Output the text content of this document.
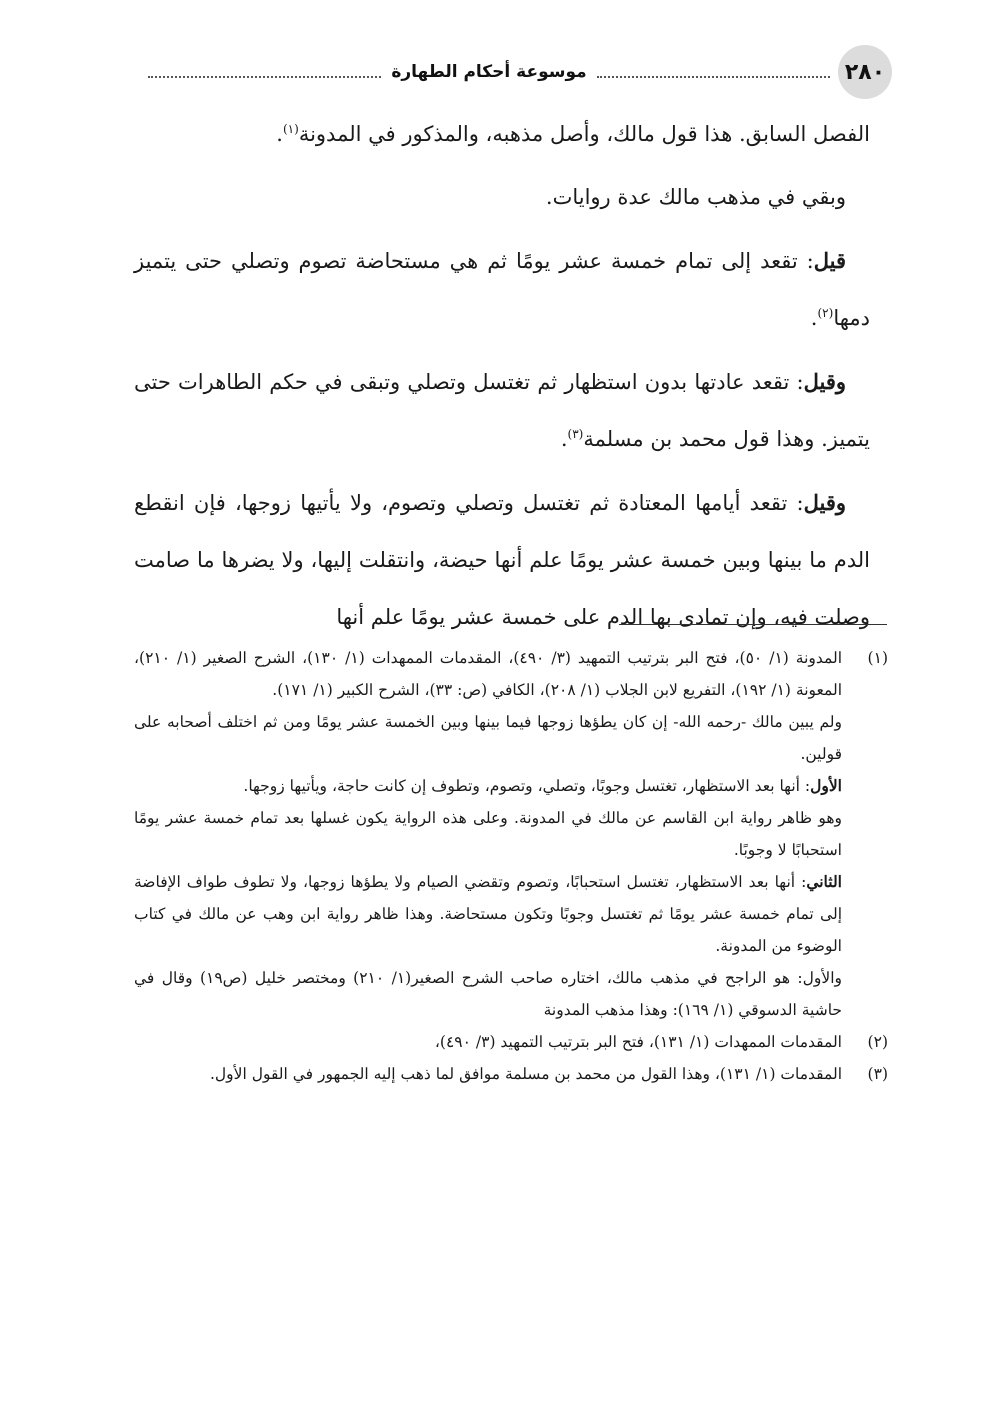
٢٨٠
موسوعة أحكام الطهارة

الفصل السابق. هذا قول مالك، وأصل مذهبه، والمذكور في المدونة$^{(١)}$.

وبقي في مذهب مالك عدة روايات.

قيل: تقعد إلى تمام خمسة عشر يومًا ثم هي مستحاضة تصوم وتصلي حتى يتميز دمها$^{(٢)}$.

وقيل: تقعد عادتها بدون استظهار ثم تغتسل وتصلي وتبقى في حكم الطاهرات حتى يتميز. وهذا قول محمد بن مسلمة$^{(٣)}$.

وقيل: تقعد أيامها المعتادة ثم تغتسل وتصلي وتصوم، ولا يأتيها زوجها، فإن انقطع الدم ما بينها وبين خمسة عشر يومًا علم أنها حيضة، وانتقلت إليها، ولا يضرها ما صامت وصلت فيه، وإن تمادى بها الدم على خمسة عشر يومًا علم أنها

(١)

المدونة (١/ ٥٠)، فتح البر بترتيب التمهيد (٣/ ٤٩٠)، المقدمات الممهدات (١/ ١٣٠)، الشرح الصغير (١/ ٢١٠)، المعونة (١/ ١٩٢)، التفريع لابن الجلاب (١/ ٢٠٨)، الكافي (ص: ٣٣)، الشرح الكبير (١/ ١٧١).

ولم يبين مالك -رحمه الله- إن كان يطؤها زوجها فيما بينها وبين الخمسة عشر يومًا ومن ثم اختلف أصحابه على قولين.

الأول: أنها بعد الاستظهار، تغتسل وجوبًا، وتصلي، وتصوم، وتطوف إن كانت حاجة، ويأتيها زوجها.

وهو ظاهر رواية ابن القاسم عن مالك في المدونة. وعلى هذه الرواية يكون غسلها بعد تمام خمسة عشر يومًا استحبابًا لا وجوبًا.

الثاني: أنها بعد الاستظهار، تغتسل استحبابًا، وتصوم وتقضي الصيام ولا يطؤها زوجها، ولا تطوف طواف الإفاضة إلى تمام خمسة عشر يومًا ثم تغتسل وجوبًا وتكون مستحاضة. وهذا ظاهر رواية ابن وهب عن مالك في كتاب الوضوء من المدونة.

والأول: هو الراجح في مذهب مالك، اختاره صاحب الشرح الصغير(١/ ٢١٠) ومختصر خليل (ص١٩) وقال في حاشية الدسوقي (١/ ١٦٩): وهذا مذهب المدونة

(٢)
المقدمات الممهدات (١/ ١٣١)، فتح البر بترتيب التمهيد (٣/ ٤٩٠)،
(٣)
المقدمات (١/ ١٣١)، وهذا القول من محمد بن مسلمة موافق لما ذهب إليه الجمهور في القول الأول.
